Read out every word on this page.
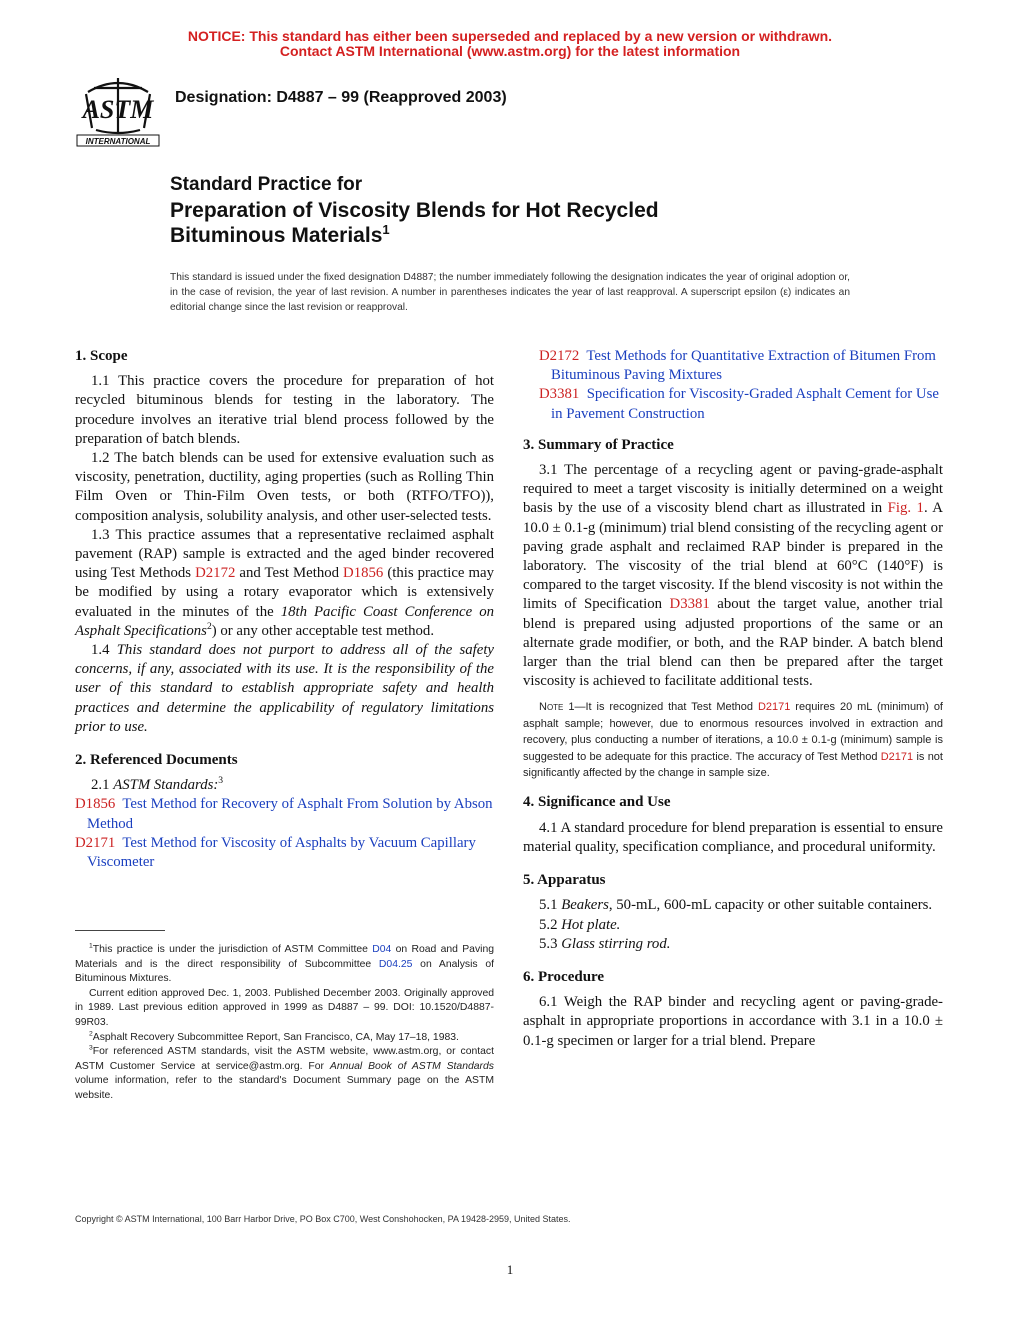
NOTICE: This standard has either been superseded and replaced by a new version or withdrawn.
Contact ASTM International (www.astm.org) for the latest information
ASTM
INTERNATIONAL
Designation: D4887 – 99 (Reapproved 2003)
Standard Practice for
Preparation of Viscosity Blends for Hot Recycled
Bituminous Materials$^1$
This standard is issued under the fixed designation D4887; the number immediately following the designation indicates the year of original adoption or, in the case of revision, the year of last revision. A number in parentheses indicates the year of last reapproval. A superscript epsilon (ε) indicates an editorial change since the last revision or reapproval.
1. Scope

1.1 This practice covers the procedure for preparation of hot recycled bituminous blends for testing in the laboratory. The procedure involves an iterative trial blend process followed by the preparation of batch blends.

1.2 The batch blends can be used for extensive evaluation such as viscosity, penetration, ductility, aging properties (such as Rolling Thin Film Oven or Thin-Film Oven tests, or both (RTFO/TFO)), composition analysis, solubility analysis, and other user-selected tests.

1.3 This practice assumes that a representative reclaimed asphalt pavement (RAP) sample is extracted and the aged binder recovered using Test Methods D2172 and Test Method D1856 (this practice may be modified by using a rotary evaporator which is extensively evaluated in the minutes of the 18th Pacific Coast Conference on Asphalt Specifications$^2$) or any other acceptable test method.

1.4 This standard does not purport to address all of the safety concerns, if any, associated with its use. It is the responsibility of the user of this standard to establish appropriate safety and health practices and determine the applicability of regulatory limitations prior to use.

2. Referenced Documents

2.1 ASTM Standards:$^3$

D1856 Test Method for Recovery of Asphalt From Solution by Abson Method

D2171 Test Method for Viscosity of Asphalts by Vacuum Capillary Viscometer

$^1$This practice is under the jurisdiction of ASTM Committee D04 on Road and Paving Materials and is the direct responsibility of Subcommittee D04.25 on Analysis of Bituminous Mixtures.

Current edition approved Dec. 1, 2003. Published December 2003. Originally approved in 1989. Last previous edition approved in 1999 as D4887 – 99. DOI: 10.1520/D4887-99R03.

$^2$Asphalt Recovery Subcommittee Report, San Francisco, CA, May 17–18, 1983.

$^3$For referenced ASTM standards, visit the ASTM website, www.astm.org, or contact ASTM Customer Service at service@astm.org. For Annual Book of ASTM Standards volume information, refer to the standard's Document Summary page on the ASTM website.

D2172 Test Methods for Quantitative Extraction of Bitumen From Bituminous Paving Mixtures

D3381 Specification for Viscosity-Graded Asphalt Cement for Use in Pavement Construction

3. Summary of Practice

3.1 The percentage of a recycling agent or paving-grade-asphalt required to meet a target viscosity is initially determined on a weight basis by the use of a viscosity blend chart as illustrated in Fig. 1. A 10.0 ± 0.1-g (minimum) trial blend consisting of the recycling agent or paving grade asphalt and reclaimed RAP binder is prepared in the laboratory. The viscosity of the trial blend at 60°C (140°F) is compared to the target viscosity. If the blend viscosity is not within the limits of Specification D3381 about the target value, another trial blend is prepared using adjusted proportions of the same or an alternate grade modifier, or both, and the RAP binder. A batch blend larger than the trial blend can then be prepared after the target viscosity is achieved to facilitate additional tests.

Note 1—It is recognized that Test Method D2171 requires 20 mL (minimum) of asphalt sample; however, due to enormous resources involved in extraction and recovery, plus conducting a number of iterations, a 10.0 ± 0.1-g (minimum) sample is suggested to be adequate for this practice. The accuracy of Test Method D2171 is not significantly affected by the change in sample size.

4. Significance and Use

4.1 A standard procedure for blend preparation is essential to ensure material quality, specification compliance, and procedural uniformity.

5. Apparatus

5.1 Beakers, 50-mL, 600-mL capacity or other suitable containers.

5.2 Hot plate.

5.3 Glass stirring rod.

6. Procedure

6.1 Weigh the RAP binder and recycling agent or paving-grade-asphalt in appropriate proportions in accordance with 3.1 in a 10.0 ± 0.1-g specimen or larger for a trial blend. Prepare

Copyright © ASTM International, 100 Barr Harbor Drive, PO Box C700, West Conshohocken, PA 19428-2959, United States.
1
